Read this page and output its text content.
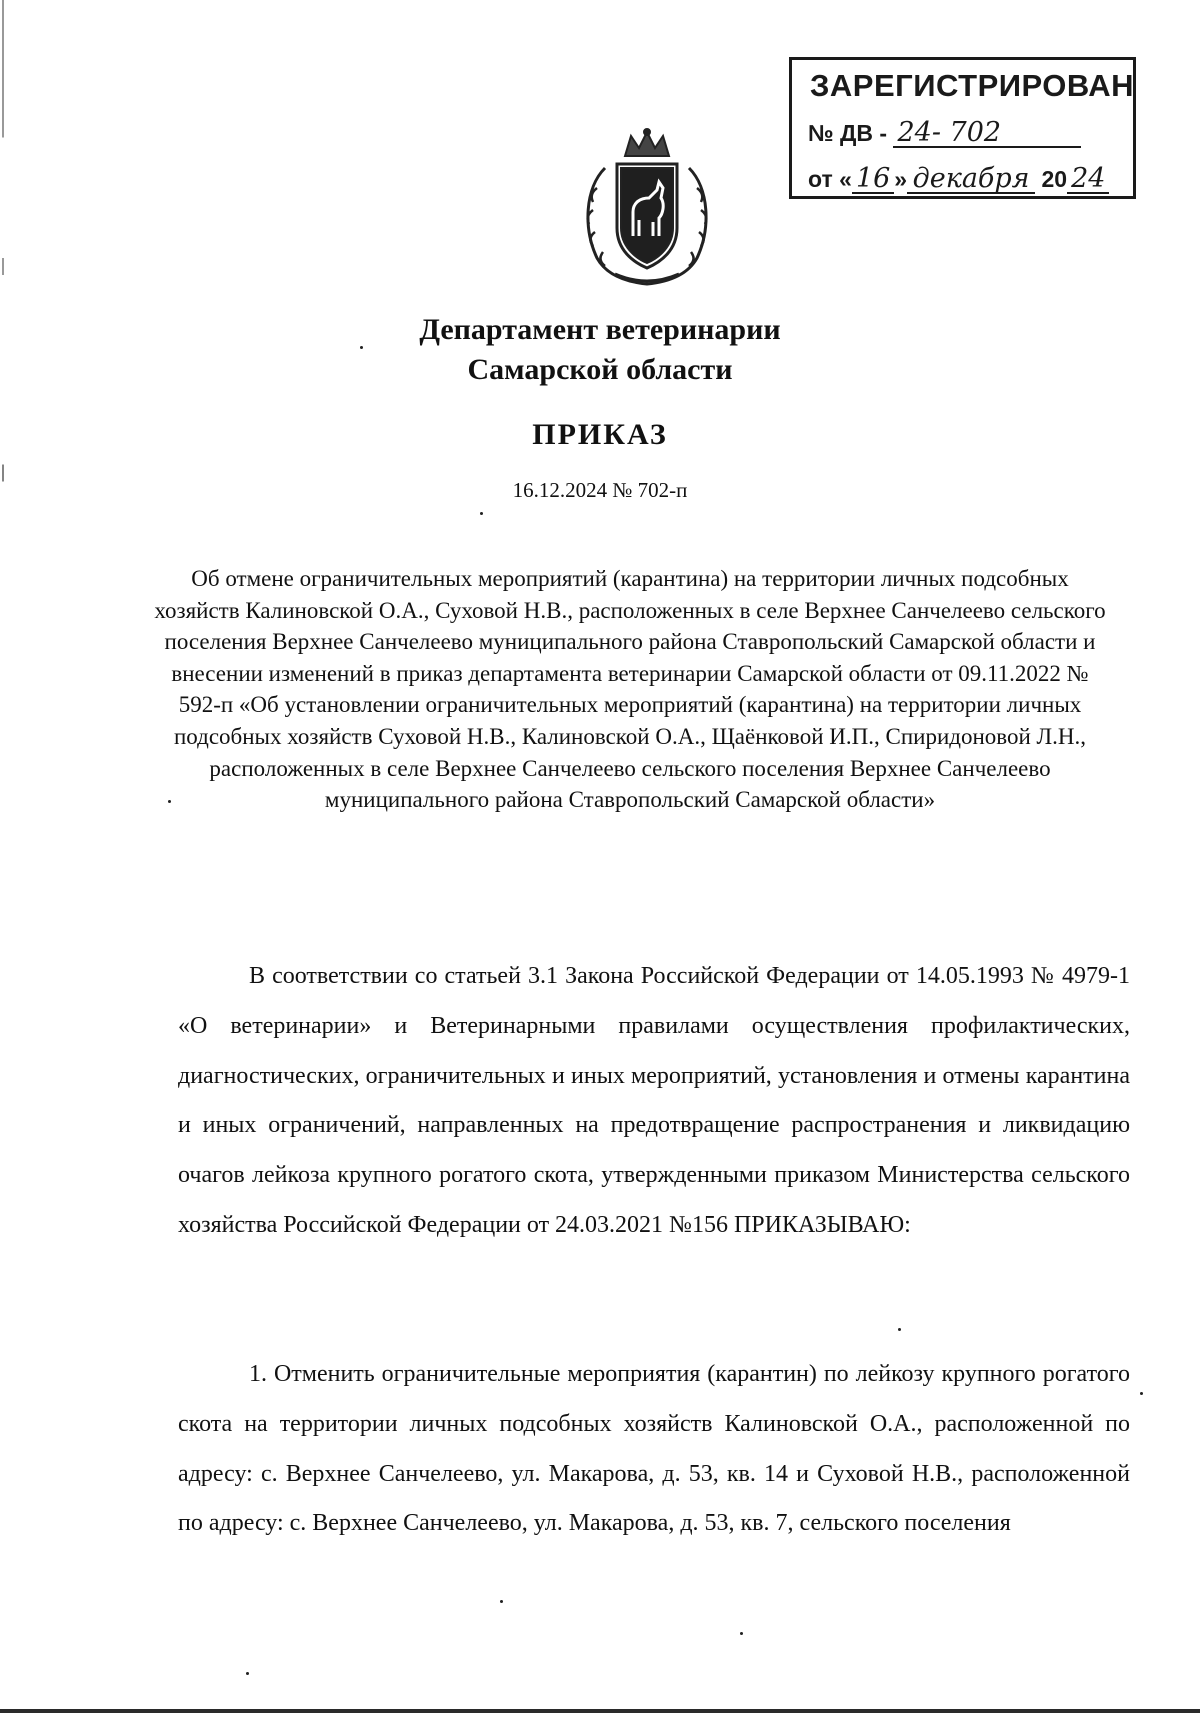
ЗАРЕГИСТРИРОВАН
№ ДВ - 24- 702
от « 16 » декабря 20 24
Департамент ветеринарии
Самарской области
ПРИКАЗ
16.12.2024 № 702-п
Об отмене ограничительных мероприятий (карантина) на территории личных подсобных хозяйств Калиновской О.А., Суховой Н.В., расположенных в селе Верхнее Санчелеево сельского поселения Верхнее Санчелеево муниципального района Ставропольский Самарской области и внесении изменений в приказ департамента ветеринарии Самарской области от 09.11.2022 № 592-п «Об установлении ограничительных мероприятий (карантина) на территории личных подсобных хозяйств Суховой Н.В., Калиновской О.А., Щаёнковой И.П., Спиридоновой Л.Н., расположенных в селе Верхнее Санчелеево сельского поселения Верхнее Санчелеево муниципального района Ставропольский Самарской области»
В соответствии со статьей 3.1 Закона Российской Федерации от 14.05.1993 № 4979-1 «О ветеринарии» и Ветеринарными правилами осуществления профилактических, диагностических, ограничительных и иных мероприятий, установления и отмены карантина и иных ограничений, направленных на предотвращение распространения и ликвидацию очагов лейкоза крупного рогатого скота, утвержденными приказом Министерства сельского хозяйства Российской Федерации от 24.03.2021 №156 ПРИКАЗЫВАЮ:
1. Отменить ограничительные мероприятия (карантин) по лейкозу крупного рогатого скота на территории личных подсобных хозяйств Калиновской О.А., расположенной по адресу: с. Верхнее Санчелеево, ул. Макарова, д. 53, кв. 14 и Суховой Н.В., расположенной по адресу: с. Верхнее Санчелеево, ул. Макарова, д. 53, кв. 7, сельского поселения
